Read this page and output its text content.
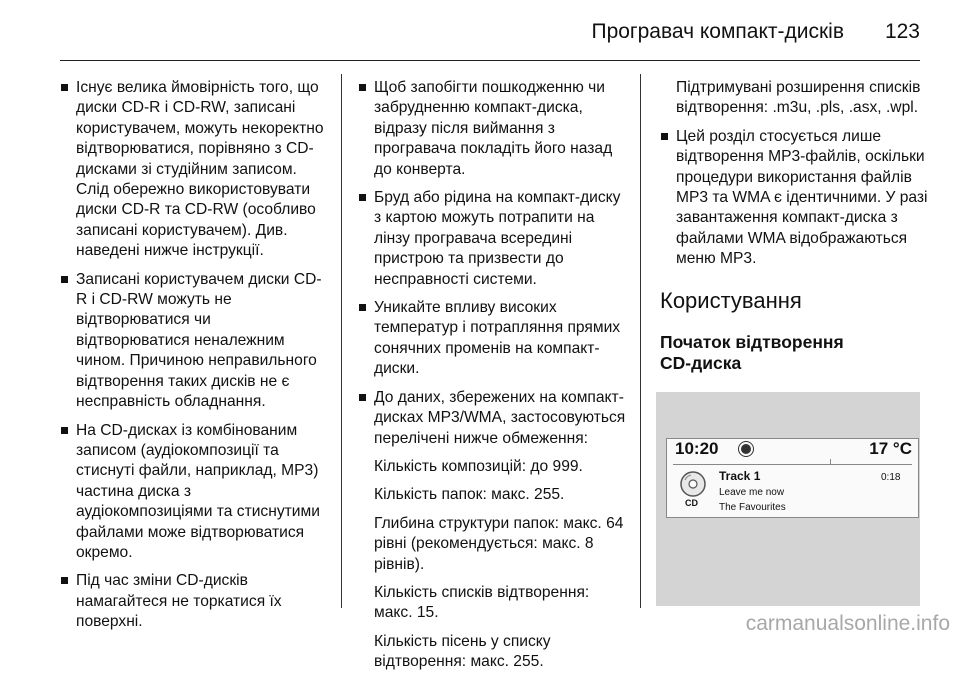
Програвач компакт-дисків 123

Існує велика ймовірність того, що диски CD-R і CD-RW, записані користувачем, можуть некоректно відтворюватися, порівняно з CD-дисками зі студійним записом. Слід обережно використовувати диски CD-R та CD-RW (особливо записані користувачем). Див. наведені нижче інструкції.

Записані користувачем диски CD-R і CD-RW можуть не відтворюватися чи відтворюватися неналежним чином. Причиною неправильного відтворення таких дисків не є несправність обладнання.

На CD-дисках із комбінованим записом (аудіокомпозиції та стиснуті файли, наприклад, MP3) частина диска з аудіокомпозиціями та стиснутими файлами може відтворюватися окремо.

Під час зміни CD-дисків намагайтеся не торкатися їх поверхні.

Щоб запобігти пошкодженню чи забрудненню компакт-диска, відразу після виймання з програвача покладіть його назад до конверта.

Бруд або рідина на компакт-диску з картою можуть потрапити на лінзу програвача всередині пристрою та призвести до несправності системи.

Уникайте впливу високих температур і потрапляння прямих сонячних променів на компакт-диски.

До даних, збережених на компакт-дисках MP3/WMA, застосовуються перелічені нижче обмеження:

Кількість композицій: до 999.

Кількість папок: макс. 255.

Глибина структури папок: макс. 64 рівні (рекомендується: макс. 8 рівнів).

Кількість списків відтворення: макс. 15.

Кількість пісень у списку відтворення: макс. 255.

Підтримувані розширення списків відтворення: .m3u, .pls, .asx, .wpl.

Цей розділ стосується лише відтворення MP3-файлів, оскільки процедури використання файлів MP3 та WMA є ідентичними. У разі завантаження компакт-диска з файлами WMA відображаються меню MP3.

Користування
Початок відтворення
CD-диска
10:20	17 °C
CD
Track 1	0:18
Leave me now
The Favourites
carmanualsonline.info
